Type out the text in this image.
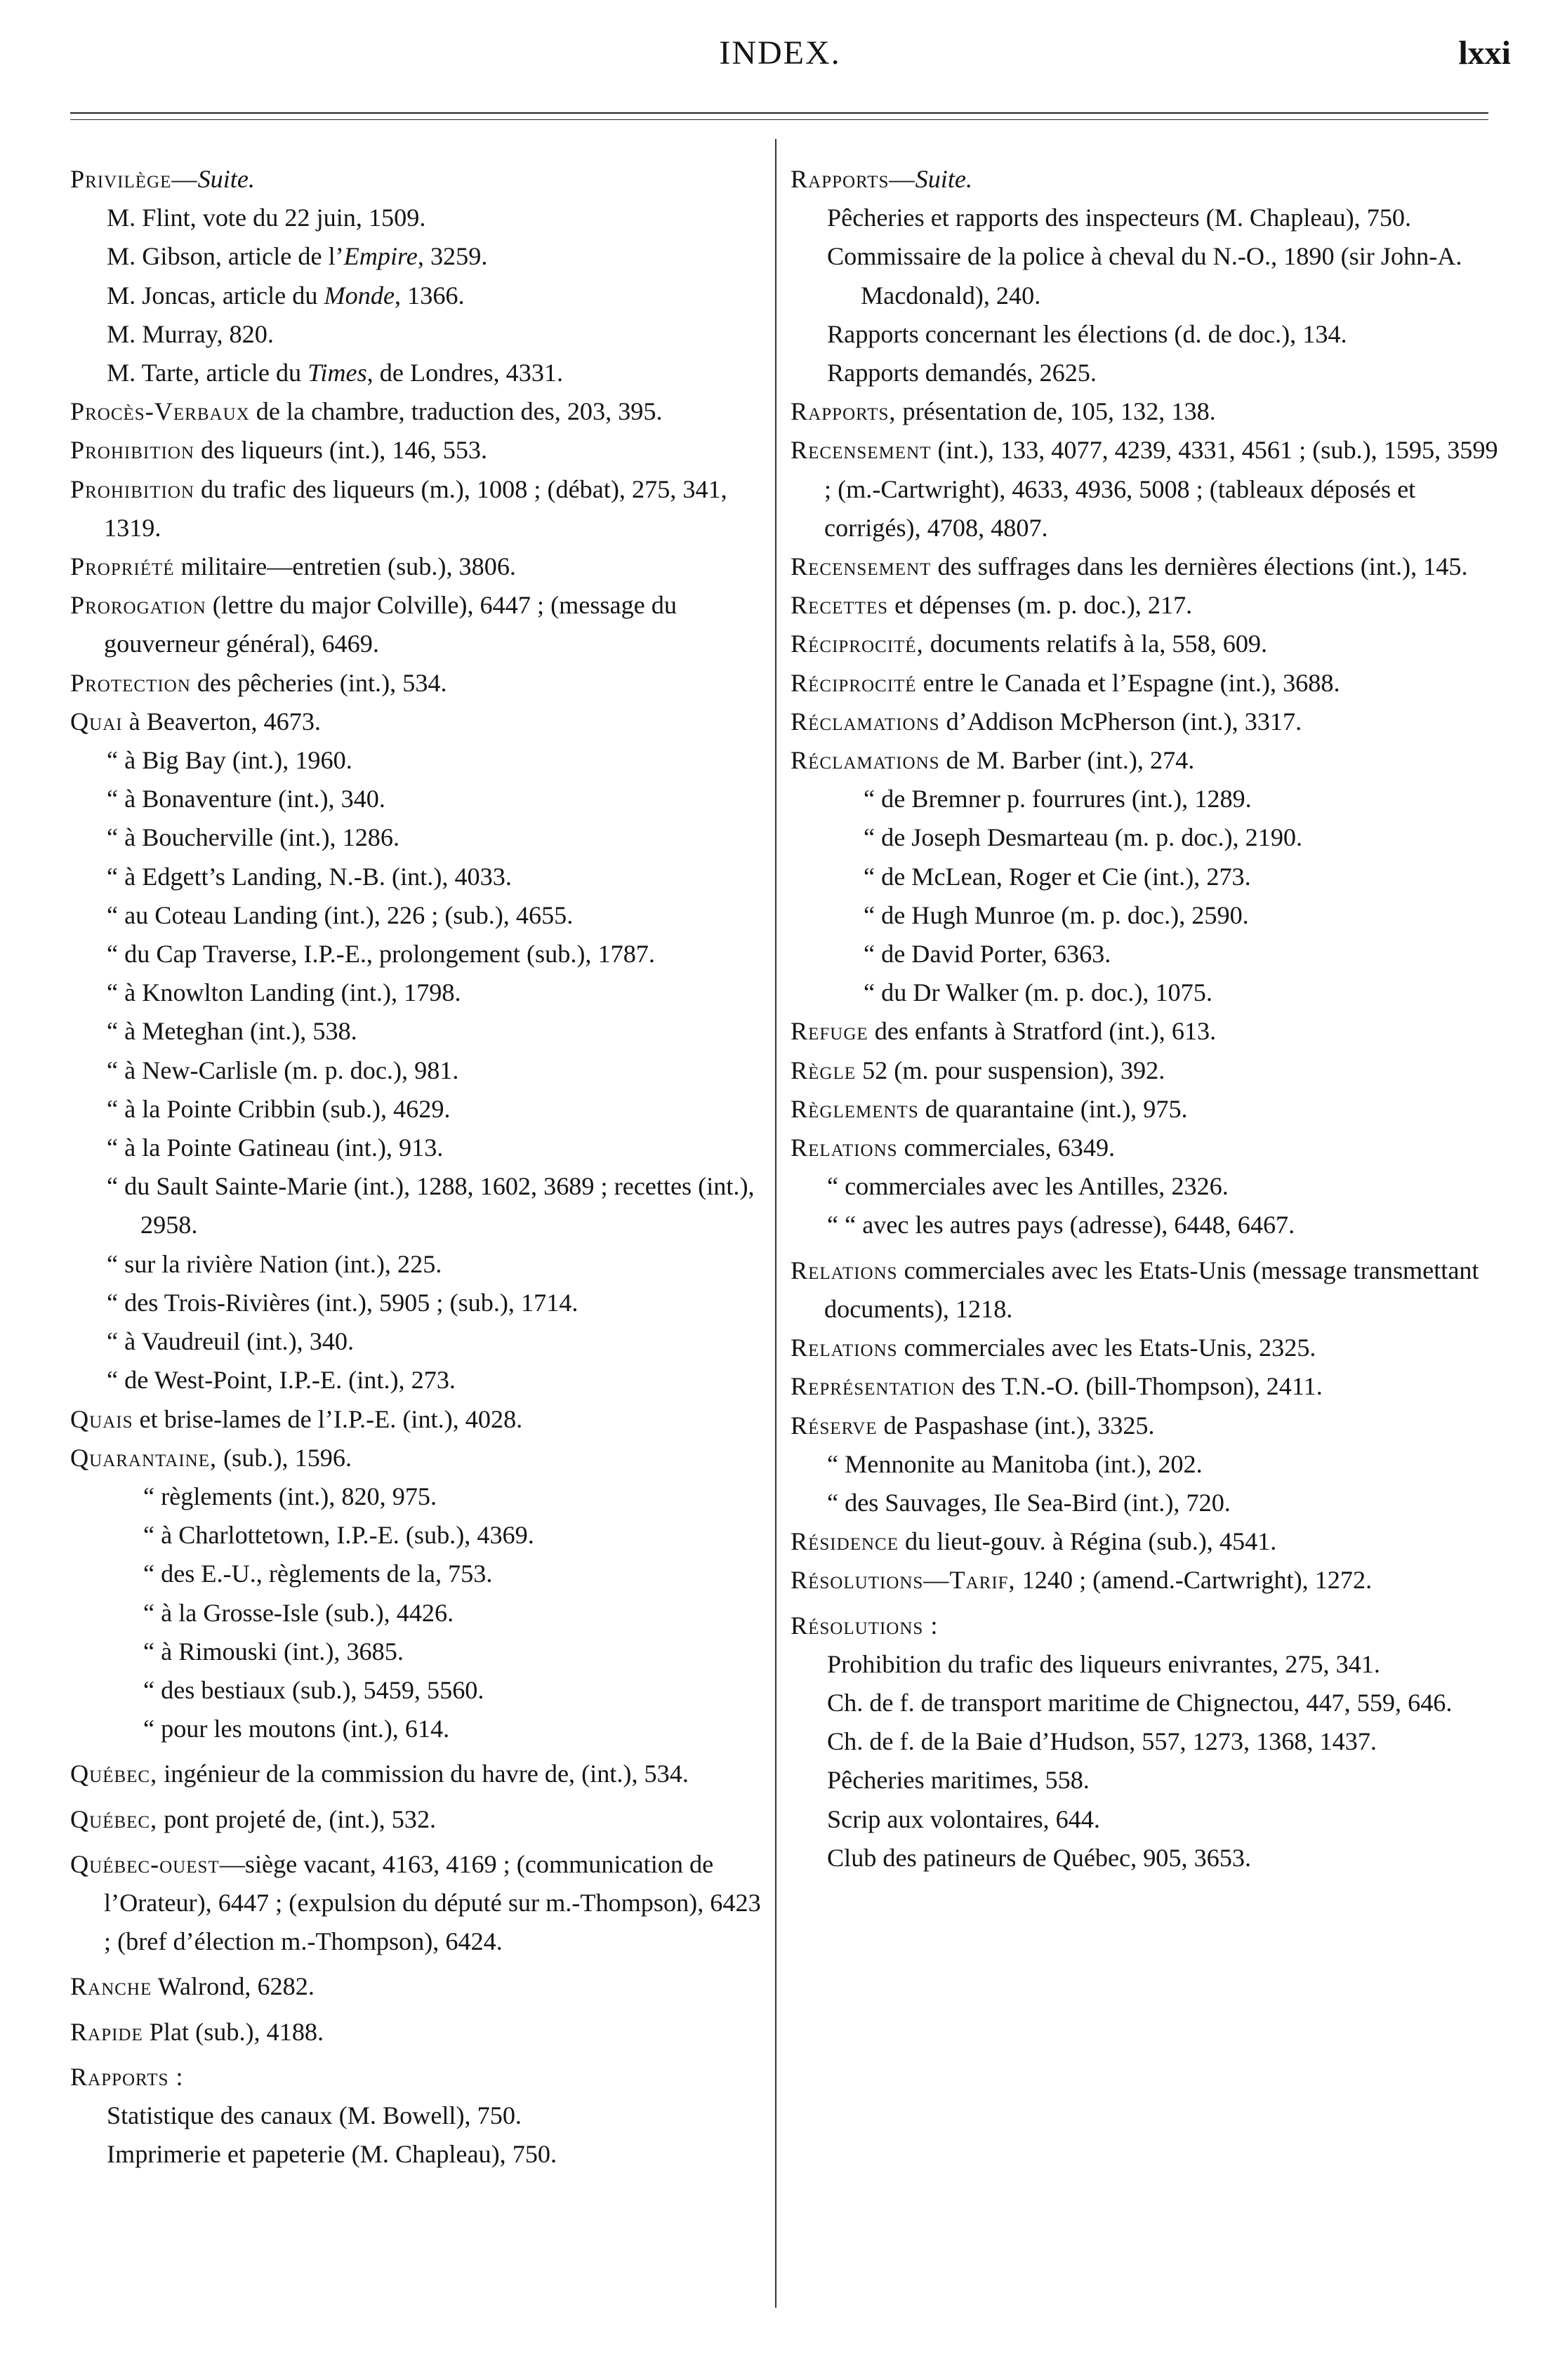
INDEX.	lxxi

Privilège—Suite.

M. Flint, vote du 22 juin, 1509.

M. Gibson, article de l’Empire, 3259.

M. Joncas, article du Monde, 1366.

M. Murray, 820.

M. Tarte, article du Times, de Londres, 4331.

Procès-Verbaux de la chambre, traduction des, 203, 395.

Prohibition des liqueurs (int.), 146, 553.

Prohibition du trafic des liqueurs (m.), 1008 ; (débat), 275, 341, 1319.

Propriété militaire—entretien (sub.), 3806.

Prorogation (lettre du major Colville), 6447 ; (message du gouverneur général), 6469.

Protection des pêcheries (int.), 534.

Quai à Beaverton, 4673.

“ à Big Bay (int.), 1960.

“ à Bonaventure (int.), 340.

“ à Boucherville (int.), 1286.

“ à Edgett’s Landing, N.-B. (int.), 4033.

“ au Coteau Landing (int.), 226 ; (sub.), 4655.

“ du Cap Traverse, I.P.-E., prolongement (sub.), 1787.

“ à Knowlton Landing (int.), 1798.

“ à Meteghan (int.), 538.

“ à New-Carlisle (m. p. doc.), 981.

“ à la Pointe Cribbin (sub.), 4629.

“ à la Pointe Gatineau (int.), 913.

“ du Sault Sainte-Marie (int.), 1288, 1602, 3689 ; recettes (int.), 2958.

“ sur la rivière Nation (int.), 225.

“ des Trois-Rivières (int.), 5905 ; (sub.), 1714.

“ à Vaudreuil (int.), 340.

“ de West-Point, I.P.-E. (int.), 273.

Quais et brise-lames de l’I.P.-E. (int.), 4028.

Quarantaine, (sub.), 1596.

“ règlements (int.), 820, 975.

“ à Charlottetown, I.P.-E. (sub.), 4369.

“ des E.-U., règlements de la, 753.

“ à la Grosse-Isle (sub.), 4426.

“ à Rimouski (int.), 3685.

“ des bestiaux (sub.), 5459, 5560.

“ pour les moutons (int.), 614.

Québec, ingénieur de la commission du havre de, (int.), 534.

Québec, pont projeté de, (int.), 532.

Québec-ouest—siège vacant, 4163, 4169 ; (communication de l’Orateur), 6447 ; (expulsion du député sur m.-Thompson), 6423 ; (bref d’élection m.-Thompson), 6424.

Ranche Walrond, 6282.

Rapide Plat (sub.), 4188.

Rapports :

Statistique des canaux (M. Bowell), 750.

Imprimerie et papeterie (M. Chapleau), 750.

Rapports—Suite.

Pêcheries et rapports des inspecteurs (M. Chapleau), 750.

Commissaire de la police à cheval du N.-O., 1890 (sir John-A. Macdonald), 240.

Rapports concernant les élections (d. de doc.), 134.

Rapports demandés, 2625.

Rapports, présentation de, 105, 132, 138.

Recensement (int.), 133, 4077, 4239, 4331, 4561 ; (sub.), 1595, 3599 ; (m.-Cartwright), 4633, 4936, 5008 ; (tableaux déposés et corrigés), 4708, 4807.

Recensement des suffrages dans les dernières élections (int.), 145.

Recettes et dépenses (m. p. doc.), 217.

Réciprocité, documents relatifs à la, 558, 609.

Réciprocité entre le Canada et l’Espagne (int.), 3688.

Réclamations d’Addison McPherson (int.), 3317.

Réclamations de M. Barber (int.), 274.

“ de Bremner p. fourrures (int.), 1289.

“ de Joseph Desmarteau (m. p. doc.), 2190.

“ de McLean, Roger et Cie (int.), 273.

“ de Hugh Munroe (m. p. doc.), 2590.

“ de David Porter, 6363.

“ du Dr Walker (m. p. doc.), 1075.

Refuge des enfants à Stratford (int.), 613.

Règle 52 (m. pour suspension), 392.

Règlements de quarantaine (int.), 975.

Relations commerciales, 6349.

“ commerciales avec les Antilles, 2326.

“ “ avec les autres pays (adresse), 6448, 6467.

Relations commerciales avec les Etats-Unis (message transmettant documents), 1218.

Relations commerciales avec les Etats-Unis, 2325.

Représentation des T.N.-O. (bill-Thompson), 2411.

Réserve de Paspashase (int.), 3325.

“ Mennonite au Manitoba (int.), 202.

“ des Sauvages, Ile Sea-Bird (int.), 720.

Résidence du lieut-gouv. à Régina (sub.), 4541.

Résolutions—Tarif, 1240 ; (amend.-Cartwright), 1272.

Résolutions :

Prohibition du trafic des liqueurs enivrantes, 275, 341.

Ch. de f. de transport maritime de Chignectou, 447, 559, 646.

Ch. de f. de la Baie d’Hudson, 557, 1273, 1368, 1437.

Pêcheries maritimes, 558.

Scrip aux volontaires, 644.

Club des patineurs de Québec, 905, 3653.
